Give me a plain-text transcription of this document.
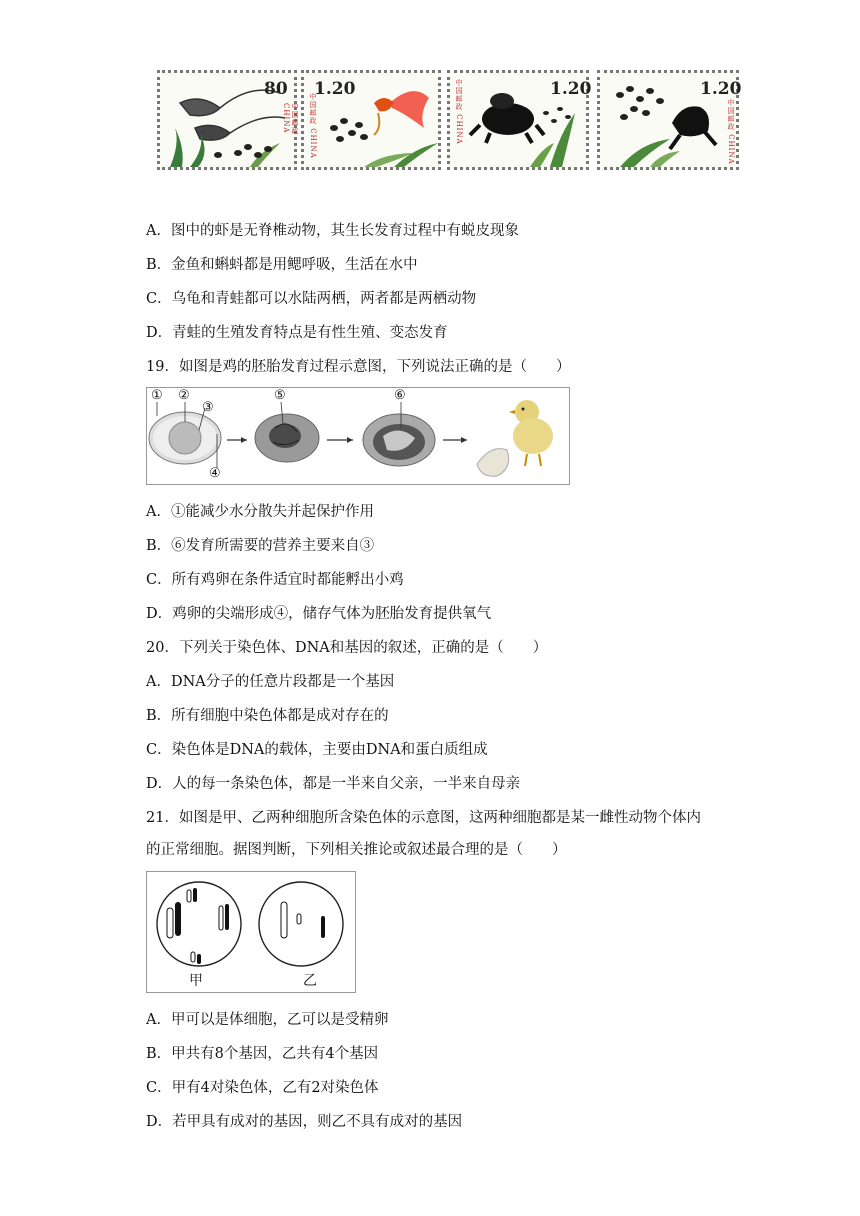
80
中国邮政 CHINA	中国邮政 CHINA
1.20	中国邮政 CHINA	1.20	1.20
中国邮政 CHINA
A．图中的虾是无脊椎动物，其生长发育过程中有蜕皮现象
B．金鱼和蝌蚪都是用鳃呼吸，生活在水中
C．乌龟和青蛙都可以水陆两栖，两者都是两栖动物
D．青蛙的生殖发育特点是有性生殖、变态发育
19．如图是鸡的胚胎发育过程示意图，下列说法正确的是（　　）
① ②
③
④
⑤	⑥
A．①能减少水分散失并起保护作用
B．⑥发育所需要的营养主要来自③
C．所有鸡卵在条件适宜时都能孵出小鸡
D．鸡卵的尖端形成④，储存气体为胚胎发育提供氧气
20．下列关于染色体、DNA和基因的叙述，正确的是（　　）
A．DNA分子的任意片段都是一个基因
B．所有细胞中染色体都是成对存在的
C．染色体是DNA的载体，主要由DNA和蛋白质组成
D．人的每一条染色体，都是一半来自父亲，一半来自母亲
21．如图是甲、乙两种细胞所含染色体的示意图，这两种细胞都是某一雌性动物个体内
的正常细胞。据图判断，下列相关推论或叙述最合理的是（　　）
甲	乙
A．甲可以是体细胞，乙可以是受精卵
B．甲共有8个基因，乙共有4个基因
C．甲有4对染色体，乙有2对染色体
D．若甲具有成对的基因，则乙不具有成对的基因
